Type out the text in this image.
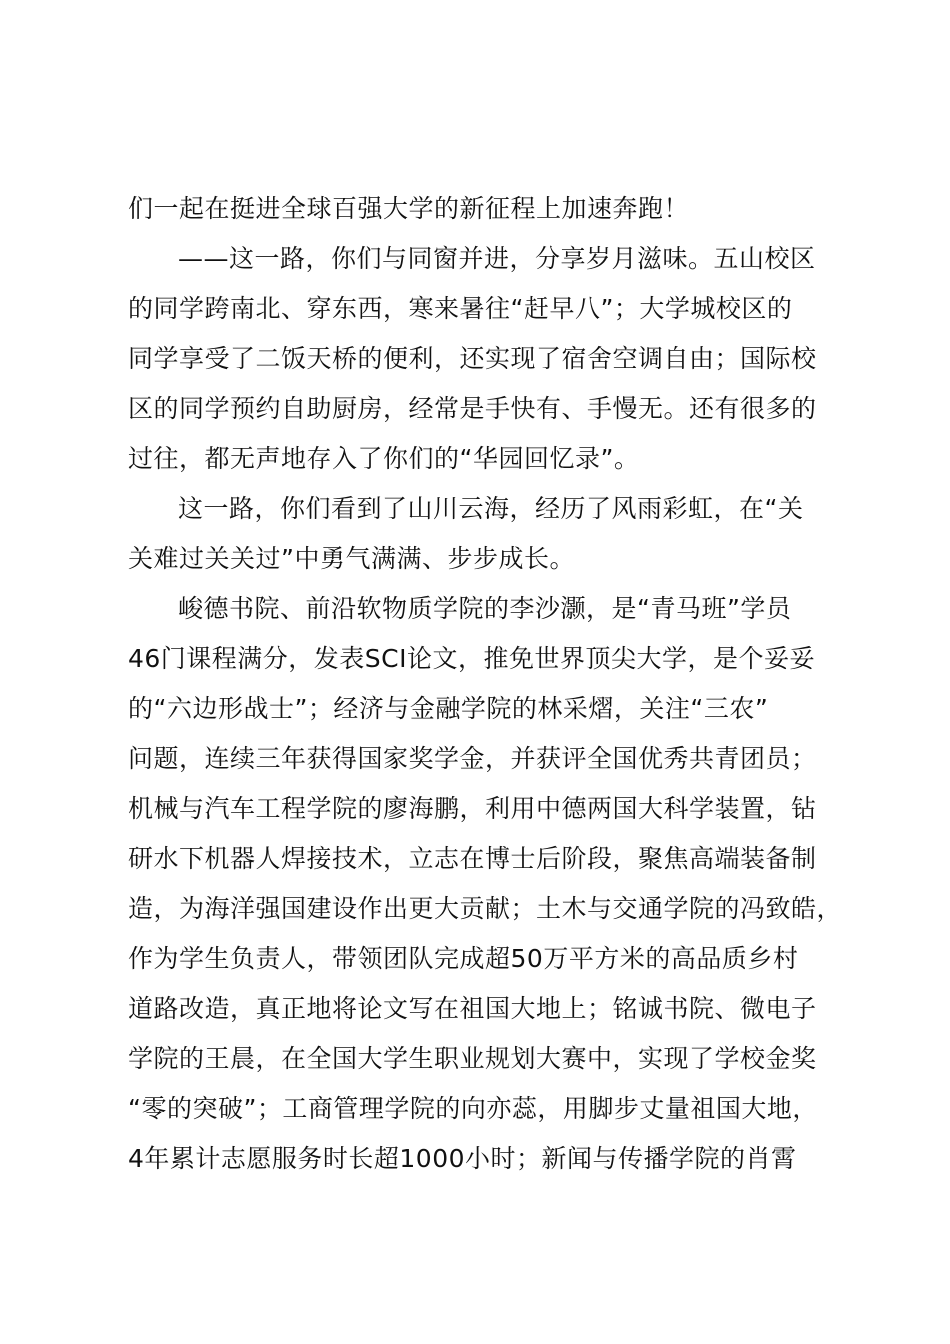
们一起在挺进全球百强大学的新征程上加速奔跑！
——这一路，你们与同窗并进，分享岁月滋味。五山校区
的同学跨南北、穿东西，寒来暑往“赶早八”；大学城校区的
同学享受了二饭天桥的便利，还实现了宿舍空调自由；国际校
区的同学预约自助厨房，经常是手快有、手慢无。还有很多的
过往，都无声地存入了你们的“华园回忆录”。
这一路，你们看到了山川云海，经历了风雨彩虹，在“关
关难过关关过”中勇气满满、步步成长。
峻德书院、前沿软物质学院的李沙灏，是“青马班”学员
46门课程满分，发表SCI论文，推免世界顶尖大学，是个妥妥
的“六边形战士”；经济与金融学院的林采熠，关注“三农”
问题，连续三年获得国家奖学金，并获评全国优秀共青团员；
机械与汽车工程学院的廖海鹏，利用中德两国大科学装置，钻
研水下机器人焊接技术，立志在博士后阶段，聚焦高端装备制
造，为海洋强国建设作出更大贡献；土木与交通学院的冯致皓，
作为学生负责人，带领团队完成超50万平方米的高品质乡村
道路改造，真正地将论文写在祖国大地上；铭诚书院、微电子
学院的王晨，在全国大学生职业规划大赛中，实现了学校金奖
“零的突破”；工商管理学院的向亦蕊，用脚步丈量祖国大地，
4年累计志愿服务时长超1000小时；新闻与传播学院的肖霄
